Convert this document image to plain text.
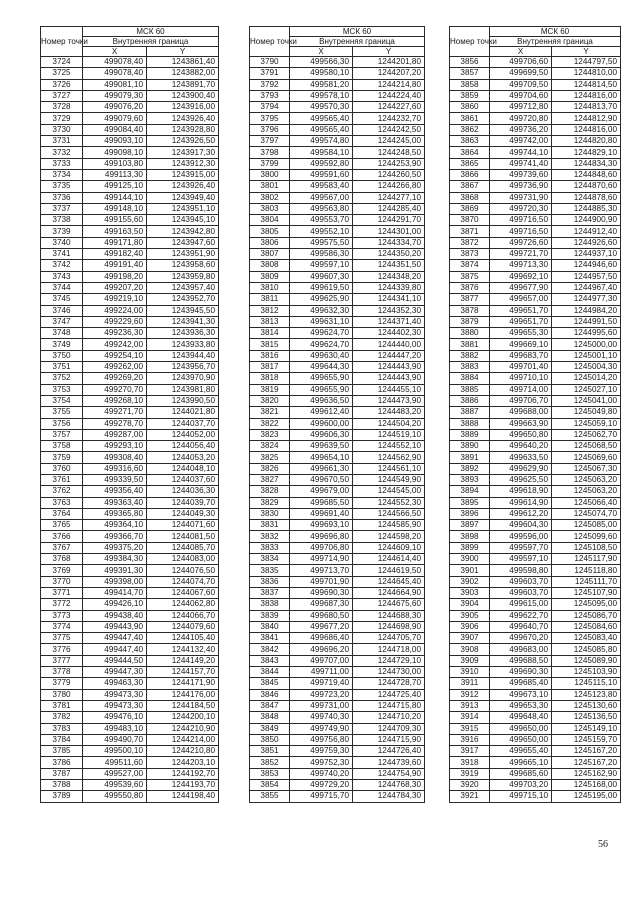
Номер точки	МСК 60	
	Внутренняя граница	
	X	Y
3724	499078,40	1243861,40
3725	499078,40	1243882,00
3726	499081,10	1243891,70
3727	499079,30	1243900,40
3728	499076,20	1243916,00
3729	499079,60	1243926,40
3730	499084,40	1243928,80
3731	499093,10	1243926,50
3732	499098,10	1243917,30
3733	499103,80	1243912,30
3734	499113,30	1243915,00
3735	499125,10	1243926,40
3736	499144,10	1243949,40
3737	499148,10	1243951,10
3738	499155,60	1243945,10
3739	499163,50	1243942,80
3740	499171,80	1243947,60
3741	499182,40	1243951,90
3742	499191,40	1243958,60
3743	499198,20	1243959,80
3744	499207,20	1243957,40
3745	499219,10	1243952,70
3746	499224,00	1243945,50
3747	499229,60	1243941,30
3748	499236,30	1243936,30
3749	499242,00	1243933,80
3750	499254,10	1243944,40
3751	499262,00	1243956,70
3752	499269,20	1243970,90
3753	499270,70	1243981,80
3754	499268,10	1243990,50
3755	499271,70	1244021,80
3756	499278,70	1244037,70
3757	499287,00	1244052,00
3758	499293,10	1244056,40
3759	499308,40	1244053,20
3760	499316,60	1244048,10
3761	499339,50	1244037,60
3762	499356,40	1244036,30
3763	499363,40	1244039,70
3764	499365,80	1244049,30
3765	499364,10	1244071,60
3766	499366,70	1244081,50
3767	499375,20	1244085,70
3768	499384,30	1244083,00
3769	499391,30	1244076,50
3770	499398,00	1244074,70
3771	499414,70	1244067,60
3772	499426,10	1244062,80
3773	499438,40	1244066,70
3774	499443,90	1244079,60
3775	499447,40	1244105,40
3776	499447,40	1244132,40
3777	499444,50	1244149,20
3778	499447,30	1244157,70
3779	499463,30	1244171,90
3780	499473,30	1244176,00
3781	499473,30	1244184,50
3782	499476,10	1244200,10
3783	499483,10	1244210,90
3784	499490,70	1244214,00
3785	499500,10	1244210,80
3786	499511,60	1244203,10
3787	499527,00	1244192,70
3788	499539,60	1244193,70
3789	499550,80	1244198,40
Номер точки	МСК 60	
	Внутренняя граница	
	X	Y
3790	499566,30	1244201,80
3791	499580,10	1244207,20
3792	499581,20	1244214,80
3793	499578,10	1244224,40
3794	499570,30	1244227,60
3795	499565,40	1244232,70
3796	499565,40	1244242,50
3797	499574,80	1244245,00
3798	499584,10	1244248,50
3799	499592,80	1244253,90
3800	499591,60	1244260,50
3801	499583,40	1244266,80
3802	499567,00	1244277,10
3803	499563,80	1244285,40
3804	499553,70	1244291,70
3805	499552,10	1244301,00
3806	499575,50	1244334,70
3807	499586,30	1244350,20
3808	499597,10	1244351,50
3809	499607,30	1244348,20
3810	499619,50	1244339,80
3811	499625,90	1244341,10
3812	499632,30	1244352,30
3813	499631,10	1244371,40
3814	499624,70	1244402,30
3815	499624,70	1244440,00
3816	499630,40	1244447,20
3817	499644,30	1244443,90
3818	499655,90	1244443,90
3819	499655,90	1244455,10
3820	499636,50	1244473,90
3821	499612,40	1244483,20
3822	499600,00	1244504,20
3823	499606,30	1244519,10
3824	499639,50	1244552,10
3825	499654,10	1244562,90
3826	499661,30	1244561,10
3827	499670,50	1244549,90
3828	499679,00	1244545,00
3829	499685,50	1244552,30
3830	499691,40	1244566,50
3831	499693,10	1244585,90
3832	499696,80	1244598,20
3833	499706,80	1244609,10
3834	499714,90	1244614,40
3835	499713,70	1244619,50
3836	499701,90	1244645,40
3837	499690,30	1244664,90
3838	499687,30	1244675,60
3839	499680,50	1244688,30
3840	499677,20	1244698,90
3841	499686,40	1244705,70
3842	499696,20	1244718,00
3843	499707,00	1244729,10
3844	499711,00	1244730,00
3845	499719,40	1244728,70
3846	499723,20	1244725,40
3847	499731,00	1244715,80
3848	499740,30	1244710,20
3849	499749,90	1244709,30
3850	499756,80	1244715,90
3851	499759,30	1244726,40
3852	499752,30	1244739,60
3853	499740,20	1244754,90
3854	499729,20	1244768,30
3855	499715,70	1244784,30
Номер точки	МСК 60	
	Внутренняя граница	
	X	Y
3856	499706,60	1244797,50
3857	499699,50	1244810,00
3858	499709,50	1244814,50
3859	499704,60	1244816,00
3860	499712,80	1244813,70
3861	499720,80	1244812,90
3862	499736,20	1244816,00
3863	499742,00	1244820,80
3864	499744,10	1244829,10
3865	499741,40	1244834,30
3866	499739,60	1244848,60
3867	499736,90	1244870,60
3868	499731,90	1244878,60
3869	499720,30	1244885,30
3870	499716,50	1244900,90
3871	499716,50	1244912,40
3872	499726,60	1244926,60
3873	499721,70	1244937,10
3874	499713,30	1244946,60
3875	499692,10	1244957,50
3876	499677,90	1244967,40
3877	499657,00	1244977,30
3878	499651,70	1244984,20
3879	499651,70	1244991,50
3880	499655,30	1244995,60
3881	499669,10	1245000,00
3882	499683,70	1245001,10
3883	499701,40	1245004,30
3884	499710,10	1245014,20
3885	499714,00	1245027,10
3886	499706,70	1245041,00
3887	499688,00	1245049,80
3888	499663,90	1245059,10
3889	499650,80	1245062,70
3890	499640,20	1245068,50
3891	499633,50	1245069,60
3892	499629,90	1245067,30
3893	499625,50	1245063,20
3894	499618,90	1245063,20
3895	499614,90	1245066,40
3896	499612,20	1245074,70
3897	499604,30	1245085,00
3898	499596,00	1245099,60
3899	499597,70	1245108,50
3900	499597,10	1245117,90
3901	499598,80	1245118,80
3902	499603,70	1245111,70
3903	499603,70	1245107,90
3904	499615,00	1245095,00
3905	499622,70	1245086,70
3906	499640,70	1245084,60
3907	499670,20	1245083,40
3908	499683,00	1245085,80
3909	499688,50	1245089,90
3910	499690,30	1245103,90
3911	499685,40	1245115,10
3912	499673,10	1245123,80
3913	499653,30	1245130,60
3914	499648,40	1245136,50
3915	499650,00	1245149,10
3916	499650,00	1245159,70
3917	499655,40	1245167,20
3918	499665,10	1245167,20
3919	499685,60	1245162,90
3920	499703,20	1245168,00
3921	499715,10	1245195,00
56
